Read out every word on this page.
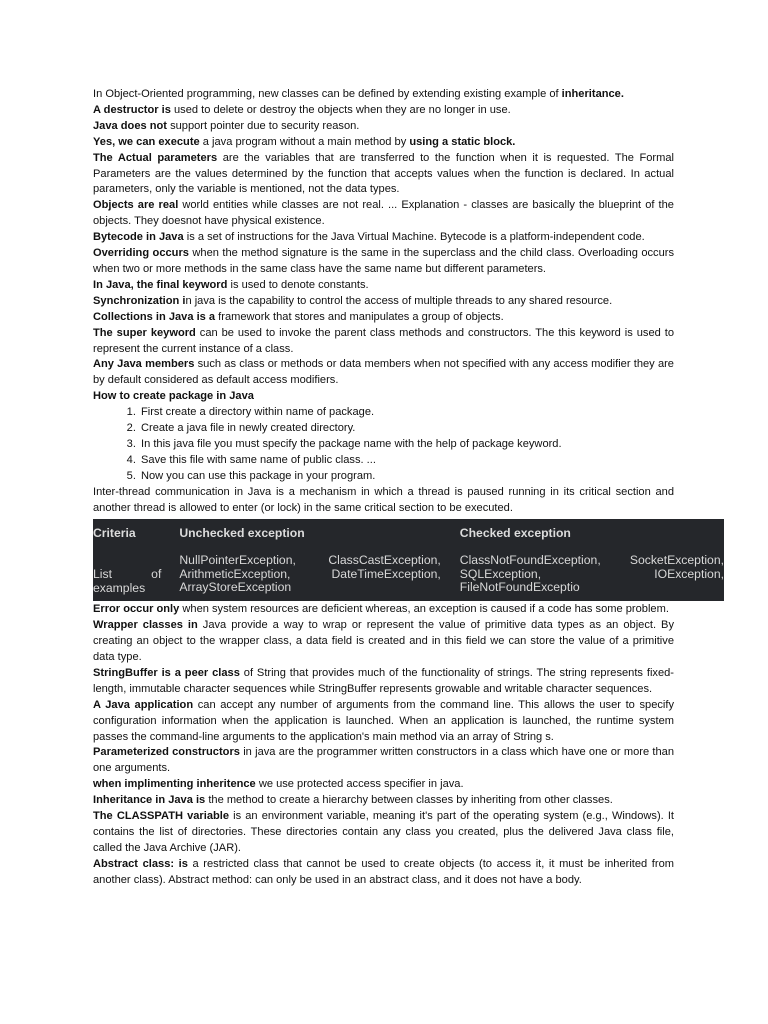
In Object-Oriented programming, new classes can be defined by extending existing example of inheritance.

A destructor is used to delete or destroy the objects when they are no longer in use.

Java does not support pointer due to security reason.

Yes, we can execute a java program without a main method by using a static block.

The Actual parameters are the variables that are transferred to the function when it is requested. The Formal Parameters are the values determined by the function that accepts values when the function is declared. In actual parameters, only the variable is mentioned, not the data types.

Objects are real world entities while classes are not real. ... Explanation - classes are basically the blueprint of the objects. They doesnot have physical existence.

Bytecode in Java is a set of instructions for the Java Virtual Machine. Bytecode is a platform-independent code.

Overriding occurs when the method signature is the same in the superclass and the child class. Overloading occurs when two or more methods in the same class have the same name but different parameters.

In Java, the final keyword is used to denote constants.

Synchronization in java is the capability to control the access of multiple threads to any shared resource.

Collections in Java is a framework that stores and manipulates a group of objects.

The super keyword can be used to invoke the parent class methods and constructors. The this keyword is used to represent the current instance of a class.

Any Java members such as class or methods or data members when not specified with any access modifier they are by default considered as default access modifiers.

How to create package in Java

1. First create a directory within name of package.
2. Create a java file in newly created directory.
3. In this java file you must specify the package name with the help of package keyword.
4. Save this file with same name of public class. ...
5. Now you can use this package in your program.

Inter-thread communication in Java is a mechanism in which a thread is paused running in its critical section and another thread is allowed to enter (or lock) in the same critical section to be executed.

Criteria	Unchecked exception	Checked exception
List of examples	NullPointerException, ClassCastException, ArithmeticException, DateTimeException, ArrayStoreException	ClassNotFoundException, SocketException, SQLException, IOException, FileNotFoundExceptio

Error occur only when system resources are deficient whereas, an exception is caused if a code has some problem.

Wrapper classes in Java provide a way to wrap or represent the value of primitive data types as an object. By creating an object to the wrapper class, a data field is created and in this field we can store the value of a primitive data type.

StringBuffer is a peer class of String that provides much of the functionality of strings. The string represents fixed-length, immutable character sequences while StringBuffer represents growable and writable character sequences.

A Java application can accept any number of arguments from the command line. This allows the user to specify configuration information when the application is launched. When an application is launched, the runtime system passes the command-line arguments to the application's main method via an array of String s.

Parameterized constructors in java are the programmer written constructors in a class which have one or more than one arguments.

when implimenting inheritence we use protected access specifier in java.

Inheritance in Java is the method to create a hierarchy between classes by inheriting from other classes.

The CLASSPATH variable is an environment variable, meaning it's part of the operating system (e.g., Windows). It contains the list of directories. These directories contain any class you created, plus the delivered Java class file, called the Java Archive (JAR).

Abstract class: is a restricted class that cannot be used to create objects (to access it, it must be inherited from another class). Abstract method: can only be used in an abstract class, and it does not have a body.
